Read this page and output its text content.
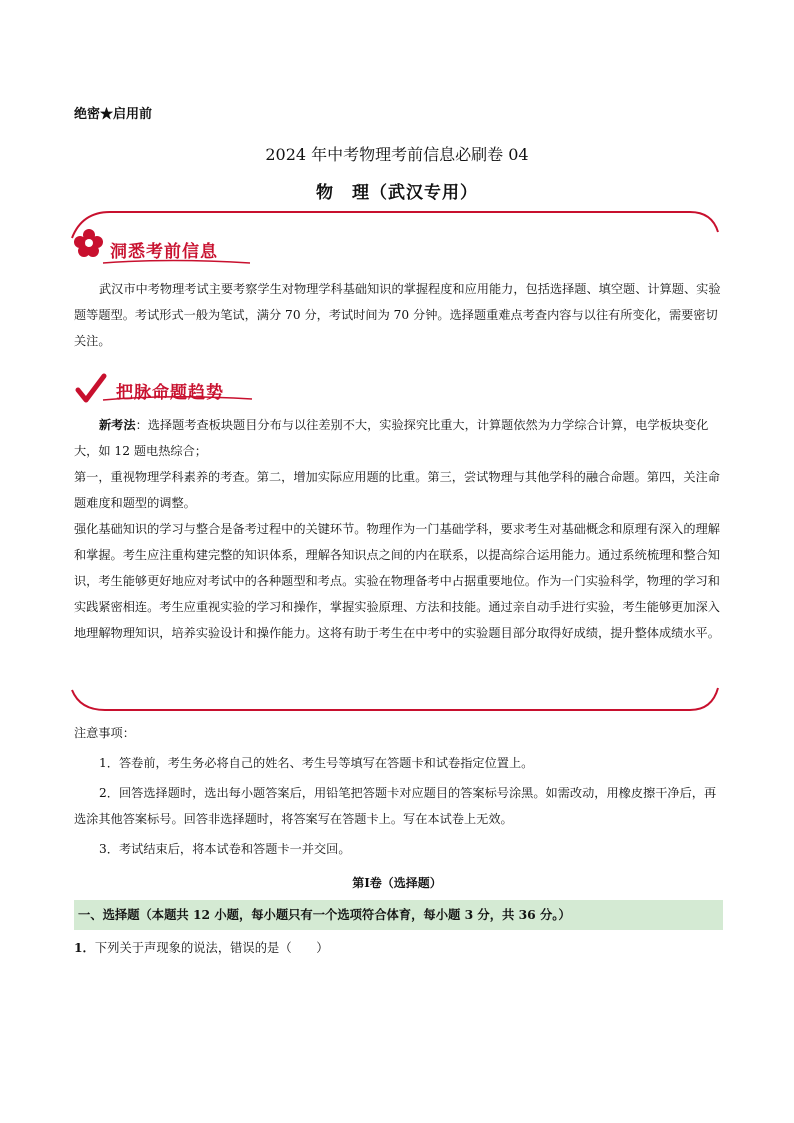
绝密★启用前
2024 年中考物理考前信息必刷卷 04
物　理（武汉专用）
洞悉考前信息
武汉市中考物理考试主要考察学生对物理学科基础知识的掌握程度和应用能力，包括选择题、填空题、计算题、实验题等题型。考试形式一般为笔试，满分 70 分，考试时间为 70 分钟。选择题重难点考查内容与以往有所变化，需要密切关注。
把脉命题趋势
新考法：选择题考查板块题目分布与以往差别不大，实验探究比重大，计算题依然为力学综合计算，电学板块变化大，如 12 题电热综合；
第一，重视物理学科素养的考查。第二，增加实际应用题的比重。第三，尝试物理与其他学科的融合命题。第四，关注命题难度和题型的调整。
强化基础知识的学习与整合是备考过程中的关键环节。物理作为一门基础学科，要求考生对基础概念和原理有深入的理解和掌握。考生应注重构建完整的知识体系，理解各知识点之间的内在联系，以提高综合运用能力。通过系统梳理和整合知识，考生能够更好地应对考试中的各种题型和考点。实验在物理备考中占据重要地位。作为一门实验科学，物理的学习和实践紧密相连。考生应重视实验的学习和操作，掌握实验原理、方法和技能。通过亲自动手进行实验，考生能够更加深入地理解物理知识，培养实验设计和操作能力。这将有助于考生在中考中的实验题目部分取得好成绩，提升整体成绩水平。

注意事项：

1．答卷前，考生务必将自己的姓名、考生号等填写在答题卡和试卷指定位置上。

2．回答选择题时，选出每小题答案后，用铅笔把答题卡对应题目的答案标号涂黑。如需改动，用橡皮擦干净后，再选涂其他答案标号。回答非选择题时，将答案写在答题卡上。写在本试卷上无效。

3．考试结束后，将本试卷和答题卡一并交回。

第Ⅰ卷（选择题）
一、选择题（本题共 12 小题，每小题只有一个选项符合体育，每小题 3 分，共 36 分。）
1．下列关于声现象的说法，错误的是（　　）
